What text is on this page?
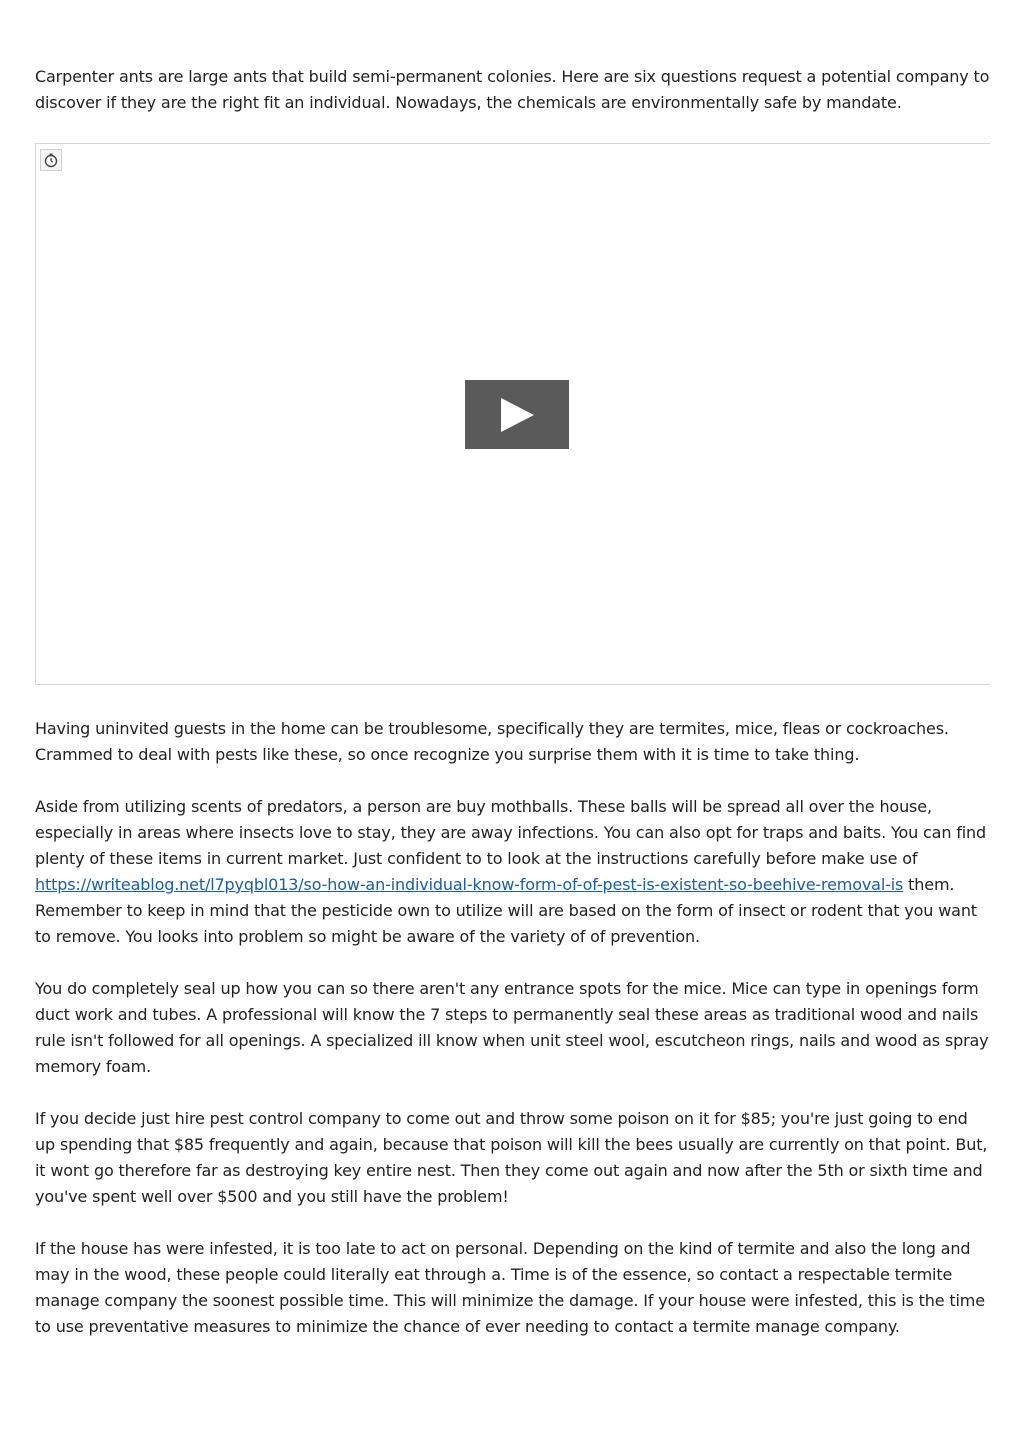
Carpenter ants are large ants that build semi-permanent colonies. Here are six questions request a potential company to discover if they are the right fit an individual. Nowadays, the chemicals are environmentally safe by mandate.

Having uninvited guests in the home can be troublesome, specifically they are termites, mice, fleas or cockroaches. Crammed to deal with pests like these, so once recognize you surprise them with it is time to take thing.

Aside from utilizing scents of predators, a person are buy mothballs. These balls will be spread all over the house, especially in areas where insects love to stay, they are away infections. You can also opt for traps and baits. You can find plenty of these items in current market. Just confident to to look at the instructions carefully before make use of https://writeablog.net/l7pyqbl013/so-how-an-individual-know-form-of-of-pest-is-existent-so-beehive-removal-is them. Remember to keep in mind that the pesticide own to utilize will are based on the form of insect or rodent that you want to remove. You looks into problem so might be aware of the variety of of prevention.

You do completely seal up how you can so there aren't any entrance spots for the mice. Mice can type in openings form duct work and tubes. A professional will know the 7 steps to permanently seal these areas as traditional wood and nails rule isn't followed for all openings. A specialized ill know when unit steel wool, escutcheon rings, nails and wood as spray memory foam.

If you decide just hire pest control company to come out and throw some poison on it for $85; you're just going to end up spending that $85 frequently and again, because that poison will kill the bees usually are currently on that point. But, it wont go therefore far as destroying key entire nest. Then they come out again and now after the 5th or sixth time and you've spent well over $500 and you still have the problem!

If the house has were infested, it is too late to act on personal. Depending on the kind of termite and also the long and may in the wood, these people could literally eat through a. Time is of the essence, so contact a respectable termite manage company the soonest possible time. This will minimize the damage. If your house were infested, this is the time to use preventative measures to minimize the chance of ever needing to contact a termite manage company.
